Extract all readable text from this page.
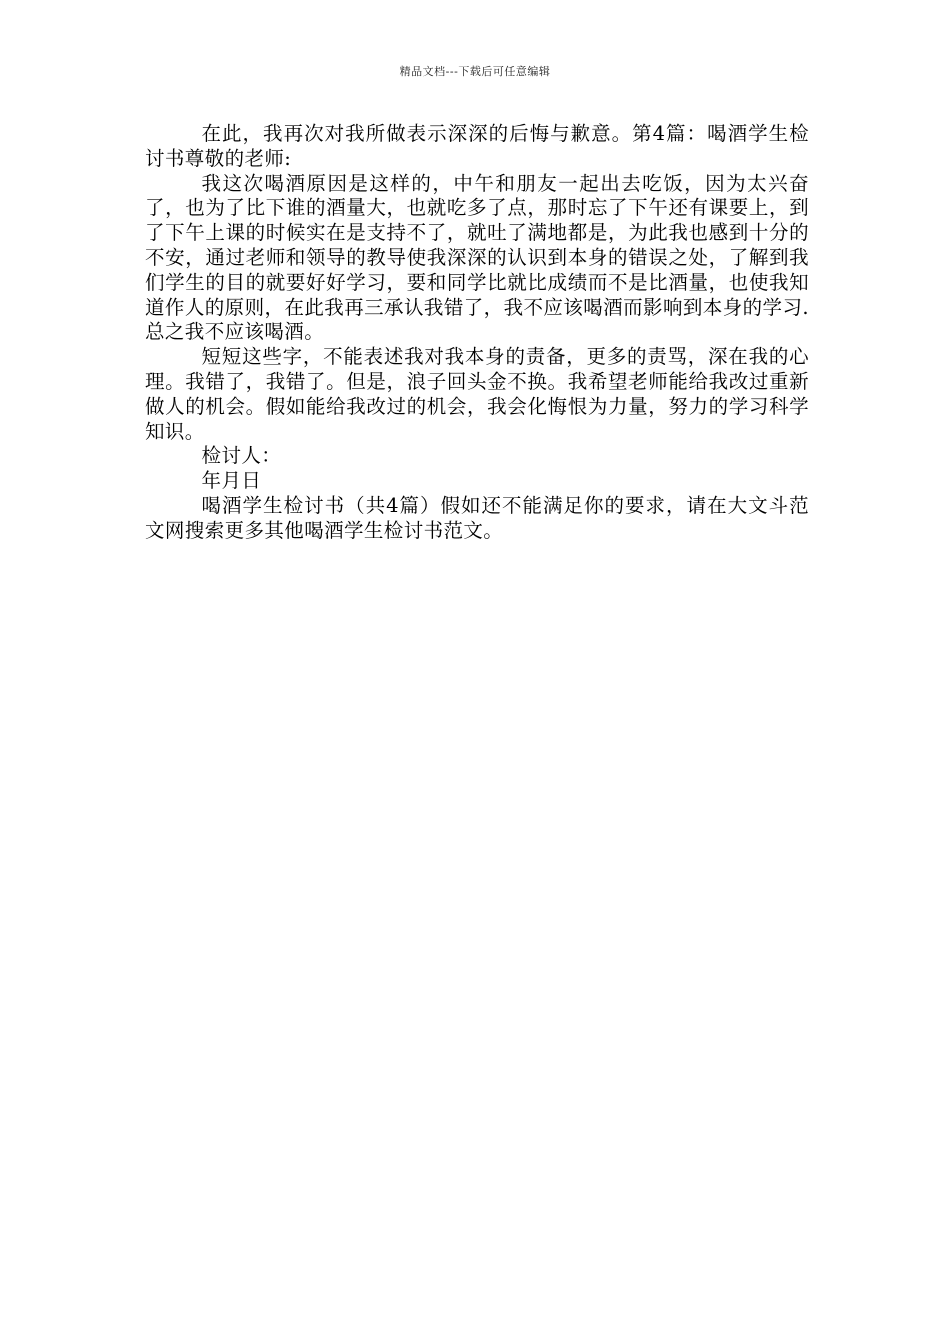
精品文档---下载后可任意编辑

在此，我再次对我所做表示深深的后悔与歉意。第4篇：喝酒学生检讨书尊敬的老师:

我这次喝酒原因是这样的，中午和朋友一起出去吃饭，因为太兴奋了，也为了比下谁的酒量大，也就吃多了点，那时忘了下午还有课要上，到了下午上课的时候实在是支持不了，就吐了满地都是，为此我也感到十分的不安，通过老师和领导的教导使我深深的认识到本身的错误之处，了解到我们学生的目的就要好好学习，要和同学比就比成绩而不是比酒量，也使我知道作人的原则，在此我再三承认我错了，我不应该喝酒而影响到本身的学习.总之我不应该喝酒。

短短这些字，不能表述我对我本身的责备，更多的责骂，深在我的心理。我错了，我错了。但是，浪子回头金不换。我希望老师能给我改过重新做人的机会。假如能给我改过的机会，我会化悔恨为力量，努力的学习科学知识。

检讨人：

年月日

喝酒学生检讨书（共4篇）假如还不能满足你的要求，请在大文斗范文网搜索更多其他喝酒学生检讨书范文。
